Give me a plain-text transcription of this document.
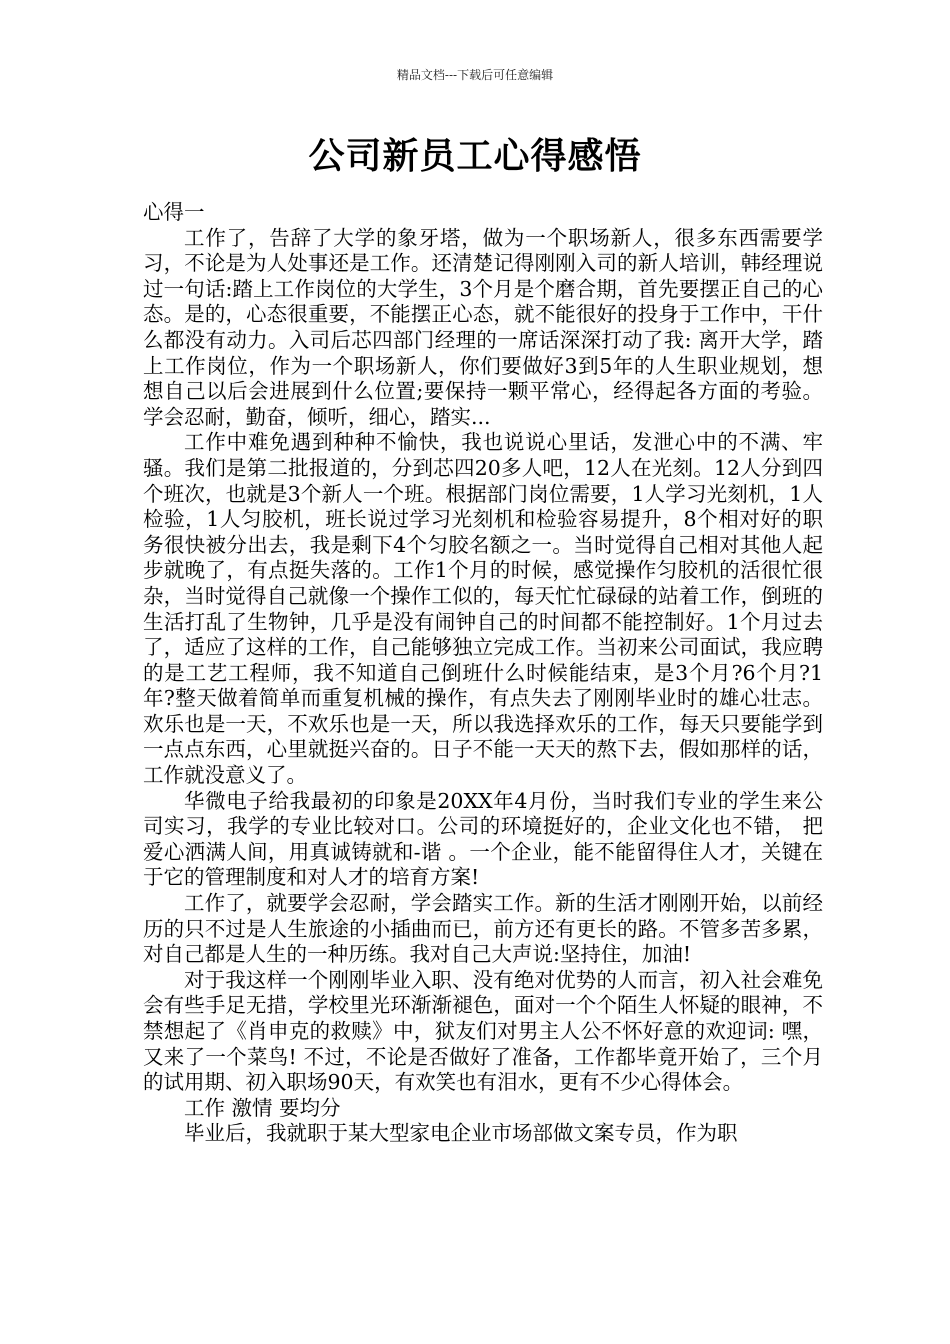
精品文档---下载后可任意编辑
公司新员工心得感悟

心得一

工作了，告辞了大学的象牙塔，做为一个职场新人，很多东西需要学习，不论是为人处事还是工作。还清楚记得刚刚入司的新人培训，韩经理说过一句话:踏上工作岗位的大学生，3个月是个磨合期，首先要摆正自己的心态。是的，心态很重要，不能摆正心态，就不能很好的投身于工作中，干什么都没有动力。入司后芯四部门经理的一席话深深打动了我: 离开大学，踏上工作岗位，作为一个职场新人，你们要做好3到5年的人生职业规划，想想自己以后会进展到什么位置;要保持一颗平常心，经得起各方面的考验。学会忍耐，勤奋，倾听，细心，踏实...

工作中难免遇到种种不愉快，我也说说心里话，发泄心中的不满、牢骚。我们是第二批报道的，分到芯四20多人吧，12人在光刻。12人分到四个班次，也就是3个新人一个班。根据部门岗位需要，1人学习光刻机，1人检验，1人匀胶机，班长说过学习光刻机和检验容易提升，8个相对好的职务很快被分出去，我是剩下4个匀胶名额之一。当时觉得自己相对其他人起步就晚了，有点挺失落的。工作1个月的时候，感觉操作匀胶机的活很忙很杂，当时觉得自己就像一个操作工似的，每天忙忙碌碌的站着工作，倒班的生活打乱了生物钟，几乎是没有闹钟自己的时间都不能控制好。1个月过去了，适应了这样的工作，自己能够独立完成工作。当初来公司面试，我应聘的是工艺工程师，我不知道自己倒班什么时候能结束，是3个月?6个月?1年?整天做着简单而重复机械的操作，有点失去了刚刚毕业时的雄心壮志。欢乐也是一天，不欢乐也是一天，所以我选择欢乐的工作，每天只要能学到一点点东西，心里就挺兴奋的。日子不能一天天的熬下去，假如那样的话，工作就没意义了。

华微电子给我最初的印象是20XX年4月份，当时我们专业的学生来公司实习，我学的专业比较对口。公司的环境挺好的，企业文化也不错， 把爱心洒满人间，用真诚铸就和-谐 。一个企业，能不能留得住人才，关键在于它的管理制度和对人才的培育方案!

工作了，就要学会忍耐，学会踏实工作。新的生活才刚刚开始，以前经历的只不过是人生旅途的小插曲而已，前方还有更长的路。不管多苦多累，对自己都是人生的一种历练。我对自己大声说:坚持住，加油!

对于我这样一个刚刚毕业入职、没有绝对优势的人而言，初入社会难免会有些手足无措，学校里光环渐渐褪色，面对一个个陌生人怀疑的眼神，不禁想起了《肖申克的救赎》中，狱友们对男主人公不怀好意的欢迎词: 嘿，又来了一个菜鸟! 不过，不论是否做好了准备，工作都毕竟开始了，三个月的试用期、初入职场90天，有欢笑也有泪水，更有不少心得体会。

工作 激情 要均分

毕业后，我就职于某大型家电企业市场部做文案专员，作为职
